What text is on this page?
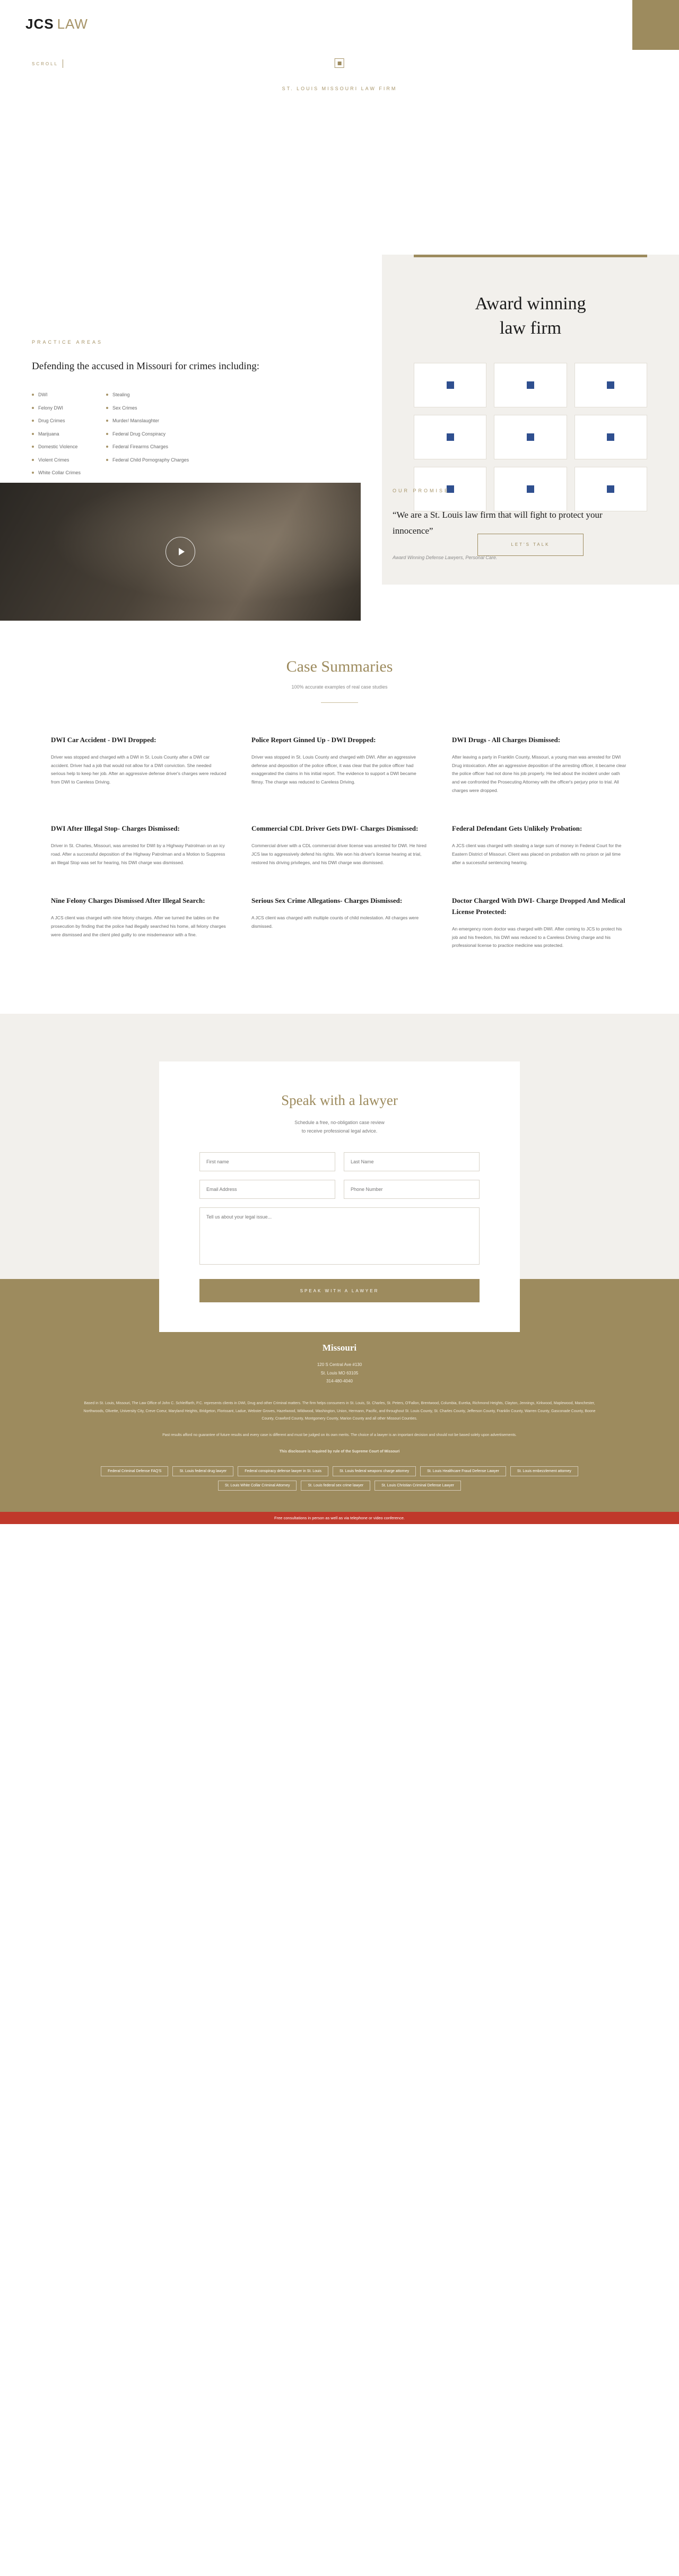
JCS LAW
SCROLL
ST. LOUIS MISSOURI LAW FIRM
Award winning
law firm
LET'S TALK
PRACTICE AREAS
Defending the accused in Missouri for crimes including:
DWI
Felony DWI
Drug Crimes
Marijuana
Domestic Violence
Violent Crimes
White Collar Crimes
Stealing
Sex Crimes
Murder/ Manslaughter
Federal Drug Conspiracy
Federal Firearms Charges
Federal Child Pornography Charges
OUR PROMISE
“We are a St. Louis law firm that will fight to protect your innocence”
Award Winning Defense Lawyers, Personal Care.
Case Summaries
100% accurate examples of real case studies
DWI Car Accident - DWI Dropped:

Driver was stopped and charged with a DWI in St. Louis County after a DWI car accident. Driver had a job that would not allow for a DWI conviction. She needed serious help to keep her job. After an aggressive defense driver's charges were reduced from DWI to Careless Driving.

Police Report Ginned Up - DWI Dropped:

Driver was stopped in St. Louis County and charged with DWI. After an aggressive defense and deposition of the police officer, it was clear that the police officer had exaggerated the claims in his initial report. The evidence to support a DWI became flimsy. The charge was reduced to Careless Driving.

DWI Drugs - All Charges Dismissed:

After leaving a party in Franklin County, Missouri, a young man was arrested for DWI Drug intoxication. After an aggressive deposition of the arresting officer, it became clear the police officer had not done his job properly. He lied about the incident under oath and we confronted the Prosecuting Attorney with the officer's perjury prior to trial. All charges were dropped.

DWI After Illegal Stop- Charges Dismissed:

Driver in St. Charles, Missouri, was arrested for DWI by a Highway Patrolman on an icy road. After a successful deposition of the Highway Patrolman and a Motion to Suppress an Illegal Stop was set for hearing, his DWI charge was dismissed.

Commercial CDL Driver Gets DWI- Charges Dismissed:

Commercial driver with a CDL commercial driver license was arrested for DWI. He hired JCS law to aggressively defend his rights. We won his driver's license hearing at trial, restored his driving privileges, and his DWI charge was dismissed.

Federal Defendant Gets Unlikely Probation:

A JCS client was charged with stealing a large sum of money in Federal Court for the Eastern District of Missouri. Client was placed on probation with no prison or jail time after a successful sentencing hearing.

Nine Felony Charges Dismissed After Illegal Search:

A JCS client was charged with nine felony charges. After we turned the tables on the prosecution by finding that the police had illegally searched his home, all felony charges were dismissed and the client pled guilty to one misdemeanor with a fine.

Serious Sex Crime Allegations- Charges Dismissed:

A JCS client was charged with multiple counts of child molestation. All charges were dismissed.

Doctor Charged With DWI- Charge Dropped And Medical License Protected:

An emergency room doctor was charged with DWI. After coming to JCS to protect his job and his freedom, his DWI was reduced to a Careless Driving charge and his professional license to practice medicine was protected.

Speak with a lawyer
Schedule a free, no-obligation case review
to receive professional legal advice.
First name
Last Name
Email Address
Phone Number
Tell us about your legal issue... SPEAK WITH A LAWYER
Missouri
120 S Central Ave #130
St. Louis MO 63105
314-480-4040

Based in St. Louis, Missouri, The Law Office of John C. Schleiffarth, P.C. represents clients in DWI, Drug and other Criminal matters. The firm helps consumers in St. Louis, St. Charles, St. Peters, O'Fallon, Brentwood, Columbia, Eureka, Richmond Heights, Clayton, Jennings, Kirkwood, Maplewood, Manchester, Northwoods, Olivette, University City, Creve Coeur, Maryland Heights, Bridgeton, Florissant, Ladue, Webster Groves, Hazelwood, Wildwood, Washington, Union, Hermann, Pacific, and throughout St. Louis County, St. Charles County, Jefferson County, Franklin County, Warren County, Gasconade County, Boone County, Crawford County, Montgomery County, Marion County and all other Missouri Counties.

Past results afford no guarantee of future results and every case is different and must be judged on its own merits. The choice of a lawyer is an important decision and should not be based solely upon advertisements.

This disclosure is required by rule of the Supreme Court of Missouri

Federal Criminal Defense FAQ'S	St. Louis federal drug lawyer	Federal conspiracy defense lawyer in St. Louis	St. Louis federal weapons charge attorney	St. Louis Healthcare Fraud Defense Lawyer	St. Louis embezzlement attorney
St. Louis White Collar Criminal Attorney	St. Louis federal sex crime lawyer	St. Louis Christian Criminal Defense Lawyer
Free consultations in person as well as via telephone or video conference.
